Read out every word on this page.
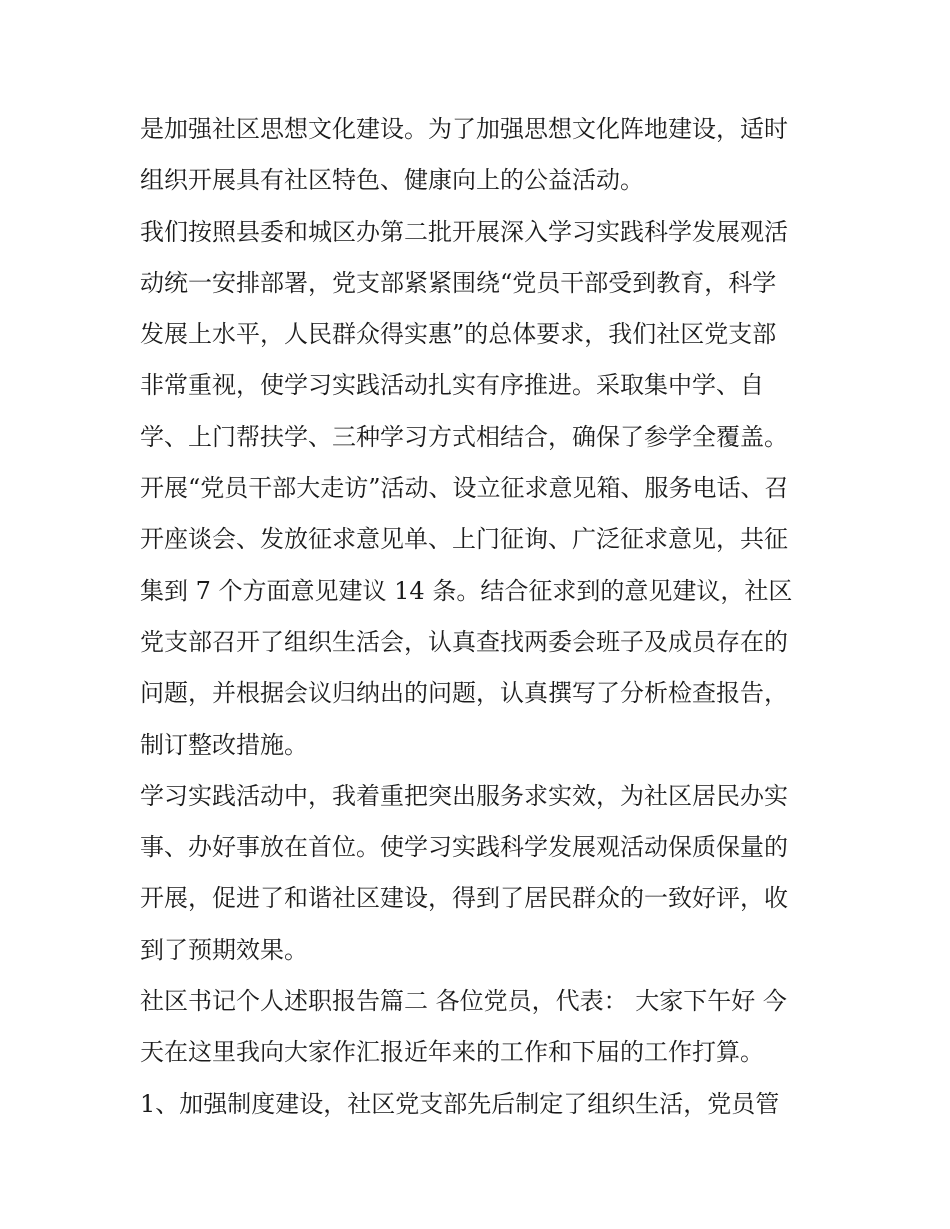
是加强社区思想文化建设。为了加强思想文化阵地建设，适时
组织开展具有社区特色、健康向上的公益活动。
我们按照县委和城区办第二批开展深入学习实践科学发展观活
动统一安排部署，党支部紧紧围绕“党员干部受到教育，科学
发展上水平，人民群众得实惠”的总体要求，我们社区党支部
非常重视，使学习实践活动扎实有序推进。采取集中学、自
学、上门帮扶学、三种学习方式相结合，确保了参学全覆盖。
开展“党员干部大走访”活动、设立征求意见箱、服务电话、召
开座谈会、发放征求意见单、上门征询、广泛征求意见，共征
集到 7 个方面意见建议 14 条。结合征求到的意见建议，社区
党支部召开了组织生活会，认真查找两委会班子及成员存在的
问题，并根据会议归纳出的问题，认真撰写了分析检查报告，
制订整改措施。
学习实践活动中，我着重把突出服务求实效，为社区居民办实
事、办好事放在首位。使学习实践科学发展观活动保质保量的
开展，促进了和谐社区建设，得到了居民群众的一致好评，收
到了预期效果。
社区书记个人述职报告篇二 各位党员，代表： 大家下午好 今
天在这里我向大家作汇报近年来的工作和下届的工作打算。
1、加强制度建设，社区党支部先后制定了组织生活，党员管
